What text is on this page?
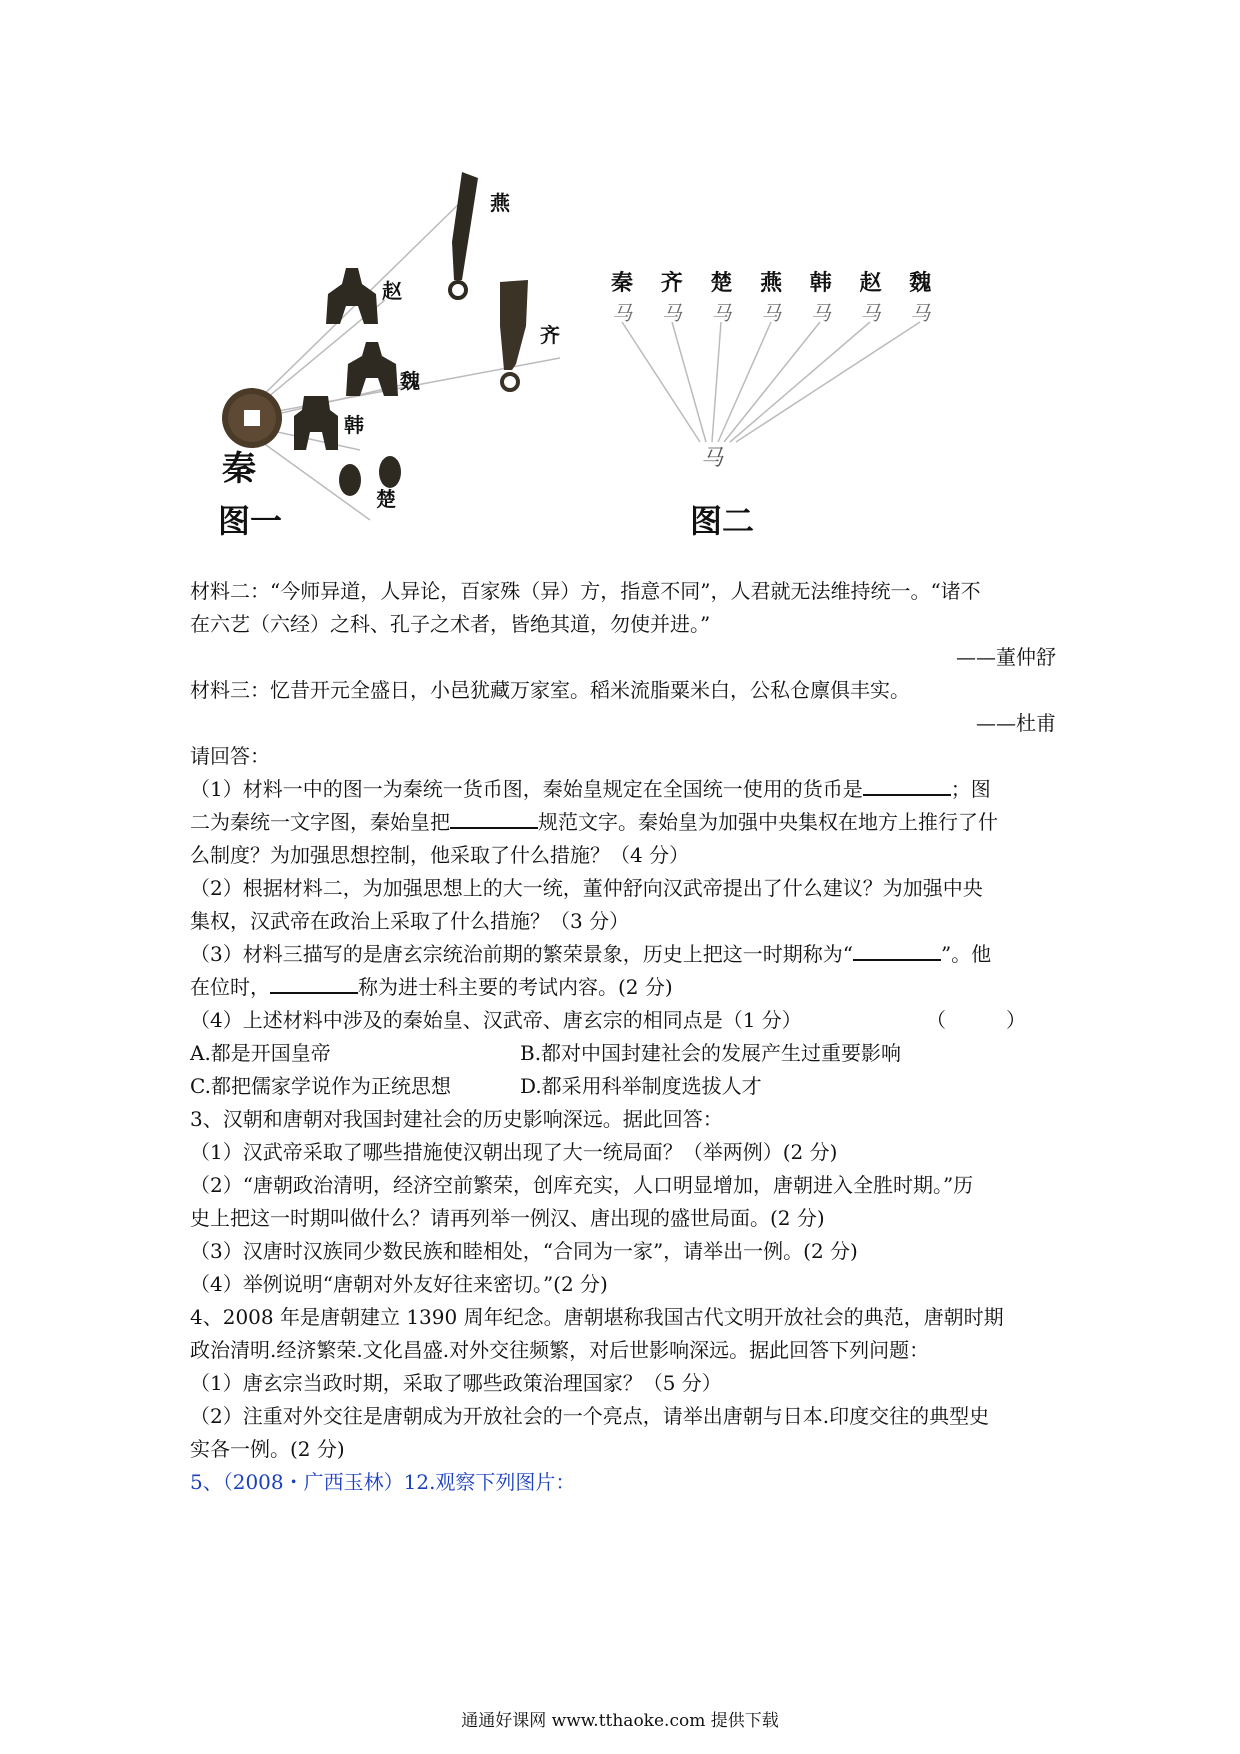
秦
燕
赵
齐
魏
韩
楚
图一
秦 齐 楚 燕 韩 赵 魏
马 马 马 马 马 马 马
马
图二

材料二：“今师异道，人异论，百家殊（异）方，指意不同”，人君就无法维持统一。“诸不

在六艺（六经）之科、孔子之术者，皆绝其道，勿使并进。”

——董仲舒

材料三：忆昔开元全盛日，小邑犹藏万家室。稻米流脂粟米白，公私仓廪俱丰实。

——杜甫

请回答：

（1）材料一中的图一为秦统一货币图，秦始皇规定在全国统一使用的货币是	；图

二为秦统一文字图，秦始皇把	规范文字。秦始皇为加强中央集权在地方上推行了什

么制度？为加强思想控制，他采取了什么措施？（4 分）

（2）根据材料二，为加强思想上的大一统，董仲舒向汉武帝提出了什么建议？为加强中央

集权，汉武帝在政治上采取了什么措施？（3 分）

（3）材料三描写的是唐玄宗统治前期的繁荣景象，历史上把这一时期称为“	”。他

在位时，	称为进士科主要的考试内容。(2 分)

（4）上述材料中涉及的秦始皇、汉武帝、唐玄宗的相同点是（1 分）	（　　　）

A.都是开国皇帝	B.都对中国封建社会的发展产生过重要影响

C.都把儒家学说作为正统思想	D.都采用科举制度选拔人才

3、汉朝和唐朝对我国封建社会的历史影响深远。据此回答：

（1）汉武帝采取了哪些措施使汉朝出现了大一统局面？（举两例）(2 分)

（2）“唐朝政治清明，经济空前繁荣，创库充实，人口明显增加，唐朝进入全胜时期。”历

史上把这一时期叫做什么？请再列举一例汉、唐出现的盛世局面。(2 分)

（3）汉唐时汉族同少数民族和睦相处，“合同为一家”，请举出一例。(2 分)

（4）举例说明“唐朝对外友好往来密切。”(2 分)

4、2008 年是唐朝建立 1390 周年纪念。唐朝堪称我国古代文明开放社会的典范，唐朝时期

政治清明.经济繁荣.文化昌盛.对外交往频繁，对后世影响深远。据此回答下列问题：

（1）唐玄宗当政时期，采取了哪些政策治理国家？（5 分）

（2）注重对外交往是唐朝成为开放社会的一个亮点，请举出唐朝与日本.印度交往的典型史

实各一例。(2 分)

5、（2008・广西玉林）12.观察下列图片：

通通好课网 www.tthaoke.com 提供下载
